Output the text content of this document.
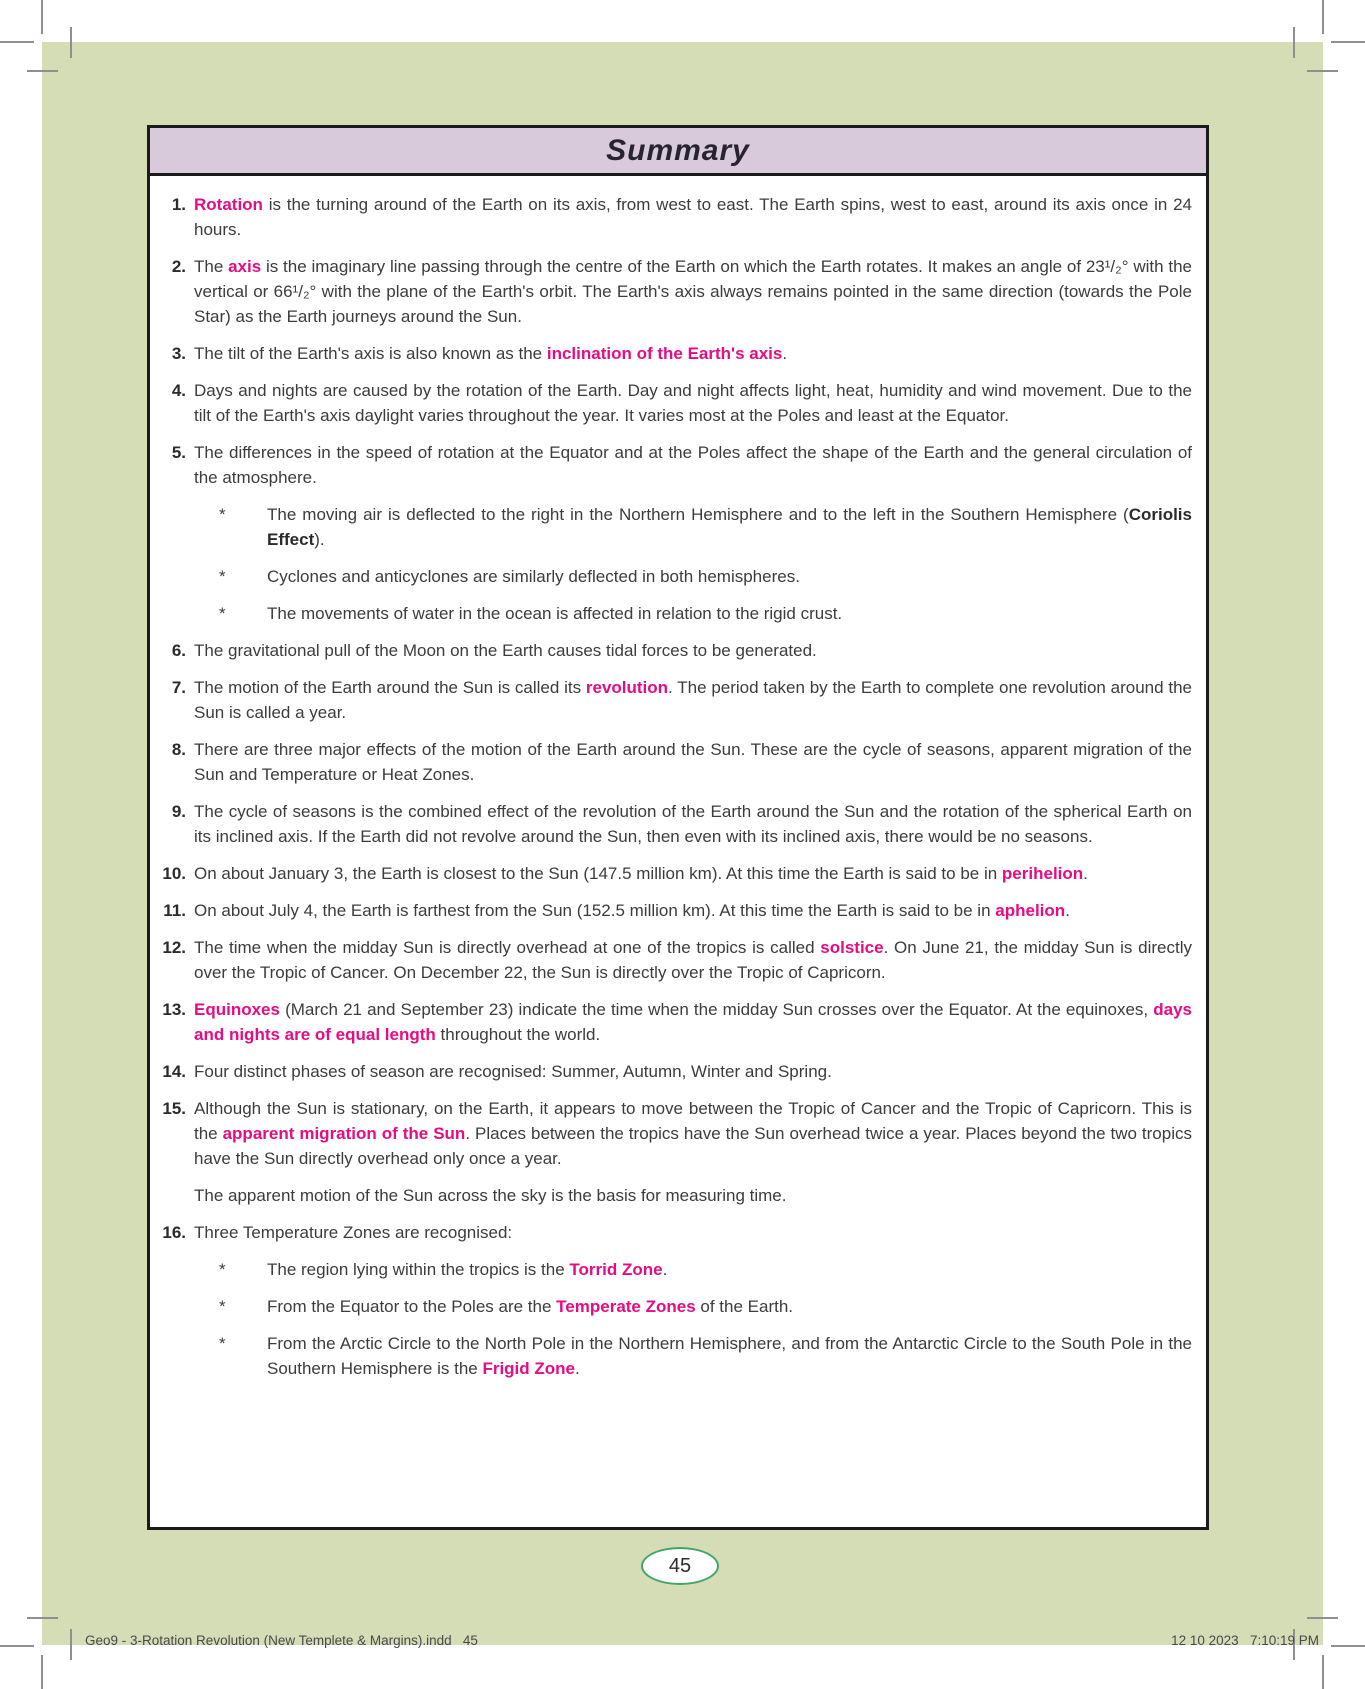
Summary
1. Rotation is the turning around of the Earth on its axis, from west to east. The Earth spins, west to east, around its axis once in 24 hours.
2. The axis is the imaginary line passing through the centre of the Earth on which the Earth rotates. It makes an angle of 23¹/₂° with the vertical or 66¹/₂° with the plane of the Earth's orbit. The Earth's axis always remains pointed in the same direction (towards the Pole Star) as the Earth journeys around the Sun.
3. The tilt of the Earth's axis is also known as the inclination of the Earth's axis.
4. Days and nights are caused by the rotation of the Earth. Day and night affects light, heat, humidity and wind movement. Due to the tilt of the Earth's axis daylight varies throughout the year. It varies most at the Poles and least at the Equator.
5. The differences in the speed of rotation at the Equator and at the Poles affect the shape of the Earth and the general circulation of the atmosphere.
*	The moving air is deflected to the right in the Northern Hemisphere and to the left in the Southern Hemisphere (Coriolis Effect).
*	Cyclones and anticyclones are similarly deflected in both hemispheres.
*	The movements of water in the ocean is affected in relation to the rigid crust.
6. The gravitational pull of the Moon on the Earth causes tidal forces to be generated.
7. The motion of the Earth around the Sun is called its revolution. The period taken by the Earth to complete one revolution around the Sun is called a year.
8. There are three major effects of the motion of the Earth around the Sun. These are the cycle of seasons, apparent migration of the Sun and Temperature or Heat Zones.
9. The cycle of seasons is the combined effect of the revolution of the Earth around the Sun and the rotation of the spherical Earth on its inclined axis. If the Earth did not revolve around the Sun, then even with its inclined axis, there would be no seasons.
10. On about January 3, the Earth is closest to the Sun (147.5 million km). At this time the Earth is said to be in perihelion.
11. On about July 4, the Earth is farthest from the Sun (152.5 million km). At this time the Earth is said to be in aphelion.
12. The time when the midday Sun is directly overhead at one of the tropics is called solstice. On June 21, the midday Sun is directly over the Tropic of Cancer. On December 22, the Sun is directly over the Tropic of Capricorn.
13. Equinoxes (March 21 and September 23) indicate the time when the midday Sun crosses over the Equator. At the equinoxes, days and nights are of equal length throughout the world.
14. Four distinct phases of season are recognised: Summer, Autumn, Winter and Spring.
15. Although the Sun is stationary, on the Earth, it appears to move between the Tropic of Cancer and the Tropic of Capricorn. This is the apparent migration of the Sun. Places between the tropics have the Sun overhead twice a year. Places beyond the two tropics have the Sun directly overhead only once a year.
The apparent motion of the Sun across the sky is the basis for measuring time.
16. Three Temperature Zones are recognised:
*	The region lying within the tropics is the Torrid Zone.
*	From the Equator to the Poles are the Temperate Zones of the Earth.
*	From the Arctic Circle to the North Pole in the Northern Hemisphere, and from the Antarctic Circle to the South Pole in the Southern Hemisphere is the Frigid Zone.
45
Geo9 - 3-Rotation Revolution (New Templete & Margins).indd   45	12 10 2023   7:10:19 PM
